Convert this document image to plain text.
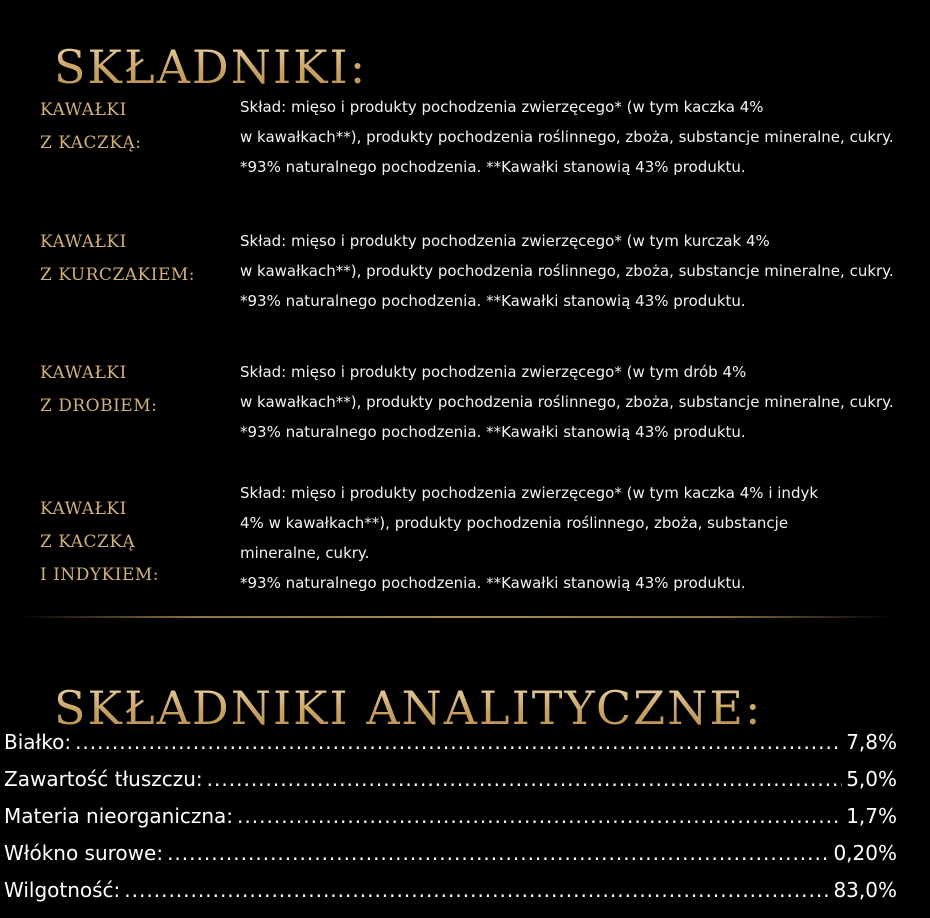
SKŁADNIKI:
KAWAŁKI
Z KACZKĄ:
Skład: mięso i produkty pochodzenia zwierzęcego* (w tym kaczka 4%
w kawałkach**), produkty pochodzenia roślinnego, zboża, substancje mineralne, cukry.
*93% naturalnego pochodzenia. **Kawałki stanowią 43% produktu.
KAWAŁKI
Z KURCZAKIEM:
Skład: mięso i produkty pochodzenia zwierzęcego* (w tym kurczak 4%
w kawałkach**), produkty pochodzenia roślinnego, zboża, substancje mineralne, cukry.
*93% naturalnego pochodzenia. **Kawałki stanowią 43% produktu.
KAWAŁKI
Z DROBIEM:
Skład: mięso i produkty pochodzenia zwierzęcego* (w tym drób 4%
w kawałkach**), produkty pochodzenia roślinnego, zboża, substancje mineralne, cukry.
*93% naturalnego pochodzenia. **Kawałki stanowią 43% produktu.
KAWAŁKI
Z KACZKĄ
I INDYKIEM:
Skład: mięso i produkty pochodzenia zwierzęcego* (w tym kaczka 4% i indyk
4% w kawałkach**), produkty pochodzenia roślinnego, zboża, substancje
mineralne, cukry.
*93% naturalnego pochodzenia. **Kawałki stanowią 43% produktu.
SKŁADNIKI ANALITYCZNE:
Białko: .....	7,8%
Zawartość tłuszczu: .....	5,0%
Materia nieorganiczna: .....	1,7%
Włókno surowe: .....	0,20%
Wilgotność: .....	83,0%
